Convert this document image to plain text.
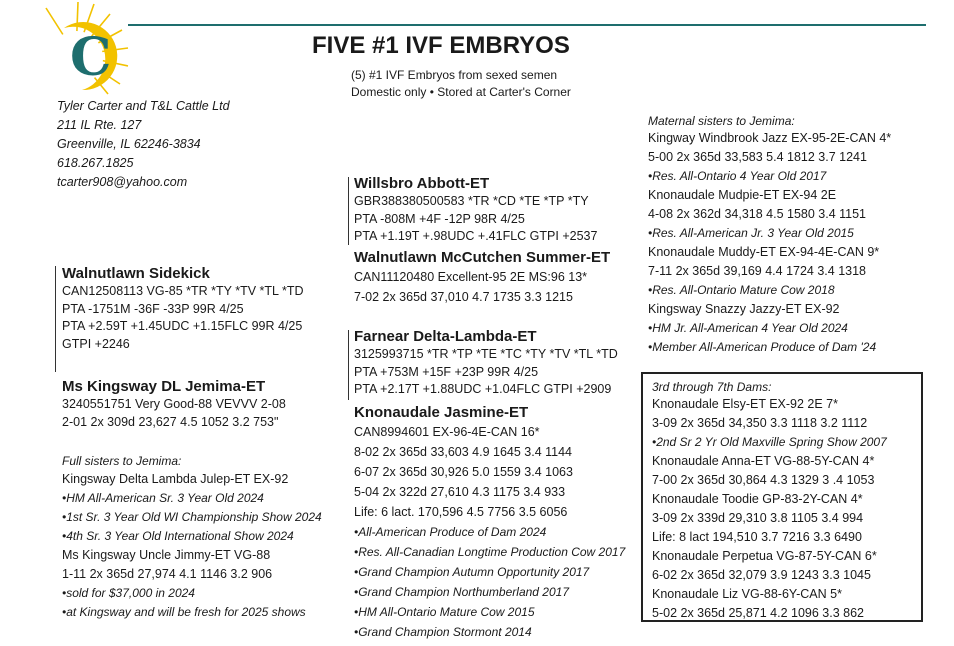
C	FIVE #1 IVF EMBRYOS
(5) #1 IVF Embryos from sexed semen
Domestic only • Stored at Carter's Corner
Tyler Carter and T&L Cattle Ltd
211 IL Rte. 127
Greenville, IL 62246-3834
618.267.1825
tcarter908@yahoo.com
Walnutlawn Sidekick
CAN12508113 VG-85 *TR *TY *TV *TL *TD
PTA -1751M -36F -33P 99R 4/25
PTA +2.59T +1.45UDC +1.15FLC 99R 4/25
GTPI +2246
Ms Kingsway DL Jemima-ET
3240551751 Very Good-88 VEVVV 2-08
2-01 2x 309d 23,627 4.5 1052 3.2 753"
Full sisters to Jemima:
Kingsway Delta Lambda Julep-ET EX-92
•HM All-American Sr. 3 Year Old 2024
•1st Sr. 3 Year Old WI Championship Show 2024
•4th Sr. 3 Year Old International Show 2024
Ms Kingsway Uncle Jimmy-ET VG-88
1-11 2x 365d 27,974 4.1 1146 3.2 906
•sold for $37,000 in 2024
•at Kingsway and will be fresh for 2025 shows
Willsbro Abbott-ET
GBR388380500583 *TR *CD *TE *TP *TY
PTA -808M +4F -12P 98R 4/25
PTA +1.19T +.98UDC +.41FLC GTPI +2537
Walnutlawn McCutchen Summer-ET
CAN11120480 Excellent-95 2E MS:96 13*
7-02 2x 365d 37,010 4.7 1735 3.3 1215
Farnear Delta-Lambda-ET
3125993715 *TR *TP *TE *TC *TY *TV *TL *TD
PTA +753M +15F +23P 99R 4/25
PTA +2.17T +1.88UDC +1.04FLC GTPI +2909
Knonaudale Jasmine-ET
CAN8994601 EX-96-4E-CAN 16*
8-02 2x 365d 33,603 4.9 1645 3.4 1144
6-07 2x 365d 30,926 5.0 1559 3.4 1063
5-04 2x 322d 27,610 4.3 1175 3.4 933
Life: 6 lact. 170,596 4.5 7756 3.5 6056
•All-American Produce of Dam 2024
•Res. All-Canadian Longtime Production Cow 2017
•Grand Champion Autumn Opportunity 2017
•Grand Champion Northumberland 2017
•HM All-Ontario Mature Cow 2015
•Grand Champion Stormont 2014
Maternal sisters to Jemima:
Kingway Windbrook Jazz EX-95-2E-CAN 4*
5-00 2x 365d 33,583 5.4 1812 3.7 1241
•Res. All-Ontario 4 Year Old 2017
Knonaudale Mudpie-ET EX-94 2E
4-08 2x 362d 34,318 4.5 1580 3.4 1151
•Res. All-American Jr. 3 Year Old 2015
Knonaudale Muddy-ET EX-94-4E-CAN 9*
7-11 2x 365d 39,169 4.4 1724 3.4 1318
•Res. All-Ontario Mature Cow 2018
Kingsway Snazzy Jazzy-ET EX-92
•HM Jr. All-American 4 Year Old 2024
•Member All-American Produce of Dam '24
3rd through 7th Dams:
Knonaudale Elsy-ET EX-92 2E 7*
3-09 2x 365d 34,350 3.3 1118 3.2 1112
•2nd Sr 2 Yr Old Maxville Spring Show 2007
Knonaudale Anna-ET VG-88-5Y-CAN 4*
7-00 2x 365d 30,864 4.3 1329 3 .4 1053
Knonaudale Toodie GP-83-2Y-CAN 4*
3-09 2x 339d 29,310 3.8 1105 3.4 994
Life: 8 lact 194,510 3.7 7216 3.3 6490
Knonaudale Perpetua VG-87-5Y-CAN 6*
6-02 2x 365d 32,079 3.9 1243 3.3 1045
Knonaudale Liz VG-88-6Y-CAN 5*
5-02 2x 365d 25,871 4.2 1096 3.3 862
